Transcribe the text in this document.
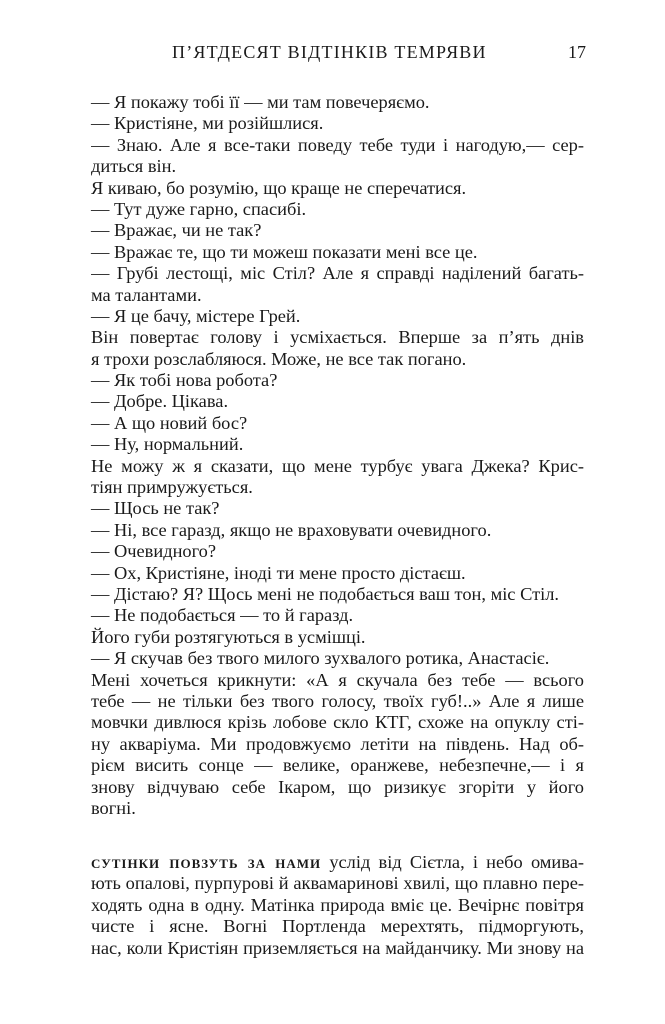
П’ЯТДЕСЯТ ВІДТІНКІВ ТЕМРЯВИ	17
— Я покажу тобі її — ми там повечеряємо.
— Кристіяне, ми розійшлися.
— Знаю. Але я все-таки поведу тебе туди і нагодую,— сер-
диться він.
Я киваю, бо розумію, що краще не сперечатися.
— Тут дуже гарно, спасибі.
— Вражає, чи не так?
— Вражає те, що ти можеш показати мені все це.
— Грубі лестощі, міс Стіл? Але я справді наділений багать-
ма талантами.
— Я це бачу, містере Грей.
Він повертає голову і усміхається. Вперше за п’ять днів
я трохи розслабляюся. Може, не все так погано.
— Як тобі нова робота?
— Добре. Цікава.
— А що новий бос?
— Ну, нормальний.
Не можу ж я сказати, що мене турбує увага Джека? Крис-
тіян примружується.
— Щось не так?
— Ні, все гаразд, якщо не враховувати очевидного.
— Очевидного?
— Ох, Кристіяне, іноді ти мене просто дістаєш.
— Дістаю? Я? Щось мені не подобається ваш тон, міс Стіл.
— Не подобається — то й гаразд.
Його губи розтягуються в усмішці.
— Я скучав без твого милого зухвалого ротика, Анастасіє.
Мені хочеться крикнути: «А я скучала без тебе — всього
тебе — не тільки без твого голосу, твоїх губ!..» Але я лише
мовчки дивлюся крізь лобове скло КТГ, схоже на опуклу сті-
ну акваріума. Ми продовжуємо летіти на південь. Над об-
рієм висить сонце — велике, оранжеве, небезпечне,— і я
знову відчуваю себе Ікаром, що ризикує згоріти у його
вогні.
сутінки повзуть за нами услід від Сієтла, і небо омива-
ють опалові, пурпурові й аквамаринові хвилі, що плавно пере-
ходять одна в одну. Матінка природа вміє це. Вечірнє повітря
чисте і ясне. Вогні Портленда мерехтять, підморгують,
нас, коли Кристіян приземляється на майданчику. Ми знову на
